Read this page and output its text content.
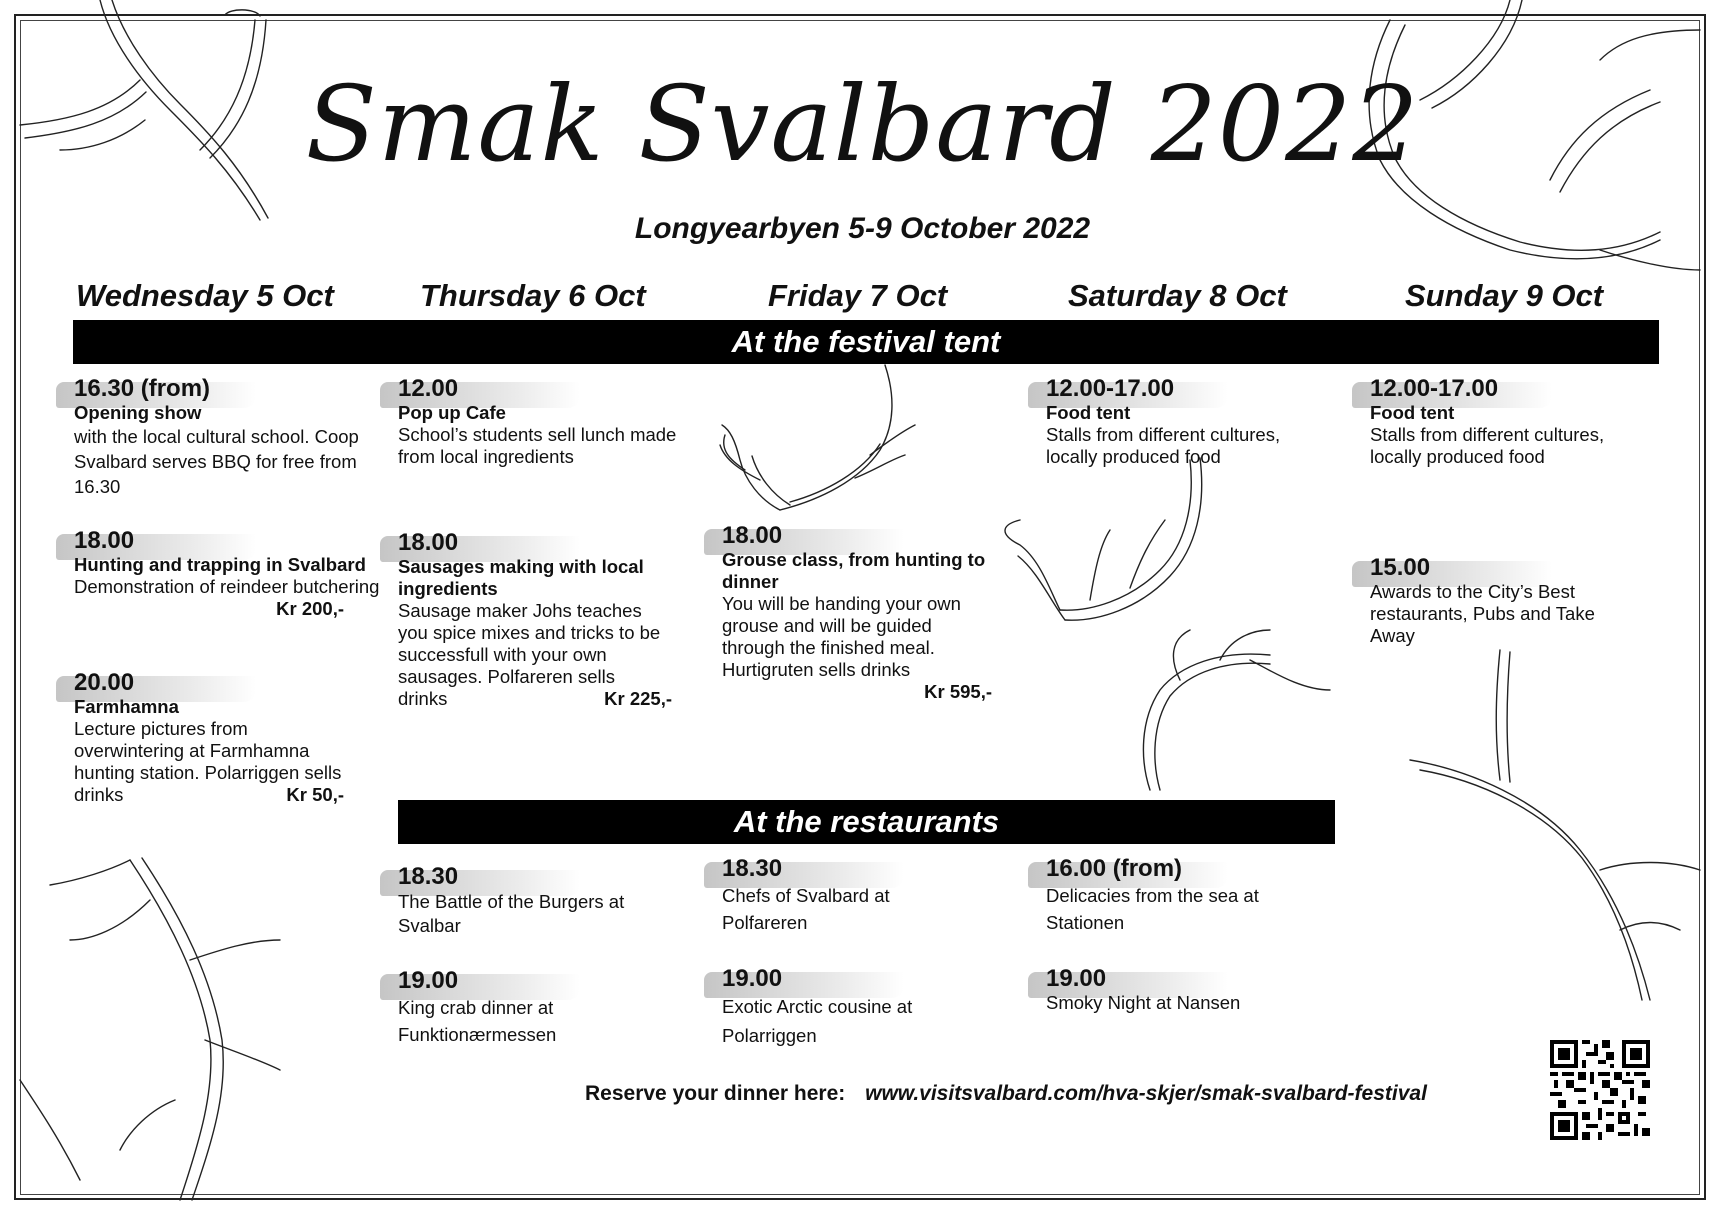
Smak Svalbard 2022
Longyearbyen 5-9 October 2022
Wednesday 5 Oct	Thursday 6 Oct	Friday 7 Oct	Saturday 8 Oct	Sunday 9 Oct
At the festival tent
16.30 (from)
Opening show
with the local cultural school. Coop Svalbard serves BBQ for free from 16.30
18.00
Hunting and trapping in Svalbard
Demonstration of reindeer butchering
Kr 200,-
20.00
Farmhamna
Lecture pictures from overwintering at Farmhamna hunting station. Polarriggen sells drinks	Kr 50,-
12.00
Pop up Cafe
School’s students sell lunch made from local ingredients
18.00
Sausages making with local ingredients
Sausage maker Johs teaches you spice mixes and tricks to be successfull with your own sausages. Polfareren sells drinks	Kr 225,-
18.00
Grouse class, from hunting to dinner
You will be handing your own grouse and will be guided through the finished meal. Hurtigruten sells drinks
Kr 595,-
12.00-17.00
Food tent
Stalls from different cultures, locally produced food
12.00-17.00
Food tent
Stalls from different cultures, locally produced food
15.00
Awards to the City’s Best restaurants, Pubs and Take Away
At the restaurants
18.30
The Battle of the Burgers at Svalbar
19.00
King crab dinner at Funktionærmessen
18.30
Chefs of Svalbard at Polfareren
19.00
Exotic Arctic cousine at Polarriggen
16.00 (from)
Delicacies from the sea at Stationen
19.00
Smoky Night at Nansen
Reserve your dinner here: www.visitsvalbard.com/hva-skjer/smak-svalbard-festival
